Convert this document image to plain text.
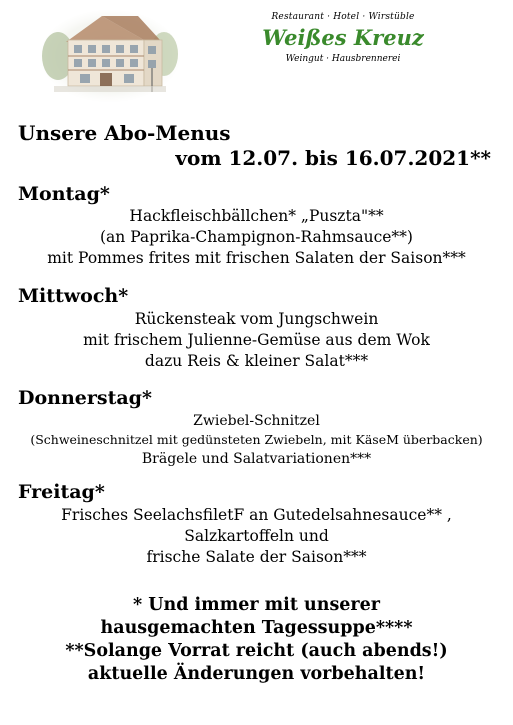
Restaurant · Hotel · Wirstüble
Weißes Kreuz
Weingut · Hausbrennerei
Unsere Abo-Menus
vom 12.07. bis 16.07.2021**
Montag*
Hackfleischbällchen* „Puszta"**
(an Paprika-Champignon-Rahmsauce**)
mit Pommes frites mit frischen Salaten der Saison***
Mittwoch*
Rückensteak vom Jungschwein
mit frischem Julienne-Gemüse aus dem Wok
dazu Reis & kleiner Salat***
Donnerstag*
Zwiebel-Schnitzel
(Schweineschnitzel mit gedünsteten Zwiebeln, mit KäseM überbacken)
Brägele und Salatvariationen***
Freitag*
Frisches SeelachsfiletF an Gutedelsahnesauce** ,
Salzkartoffeln und
frische Salate der Saison***
* Und immer mit unserer
hausgemachten Tagessuppe****
**Solange Vorrat reicht (auch abends!)
aktuelle Änderungen vorbehalten!
